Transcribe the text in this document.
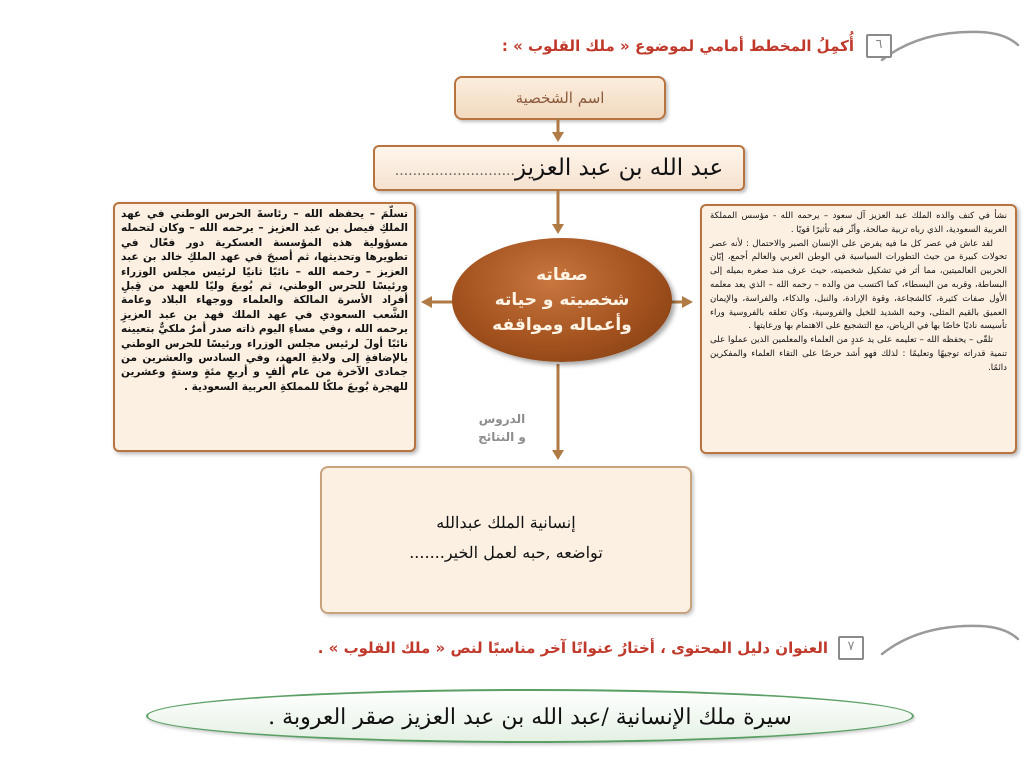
٦
أُكمِلُ المخطط أمامي لموضوع « ملك القلوب » :
اسم الشخصية
عبد الله بن عبد العزيز...........................
تسلّمَ – يحفظه الله – رئاسةَ الحرس الوطني في عهد الملكِ فيصل بن عبد العزيز – يرحمه الله – وكان لتحمله مسؤولية هذه المؤسسة العسكرية دور فعّال في تطويرها وتحديثها، ثم أصبحَ في عهد الملكِ خالد بن عبد العزيز – رحمه الله – نائبًا ثانيًا لرئيس مجلس الوزراء ورئيسًا للحرس الوطني، ثم بُويعَ وليًا للعهد من قِبلِ أفراد الأسرة المالكة والعلماء ووجهاء البلاد وعامة الشَّعب السعودي في عهد الملك فهد بن عبد العزيزِ يرحمه الله ، وفي مساءِ اليوم ذاته صدر أمرٌ ملكيٌّ بتعيينه نائبًا أولَ لرئيس مجلس الوزراء ورئيسًا للحرس الوطني بالإضافةِ إلى ولايةِ العهد، وفي السادس والعشرين من جمادى الآخرة من عام ألفٍ و أربعِ مئةٍ وستةٍ وعشرين للهجرة بُويعَ ملكًا للمملكةِ العربية السعودية .
صفاته
شخصيته و حياته
وأعماله ومواقفه
نشأ في كنف والده الملك عبد العزيز آل سعود – يرحمه الله - مؤسس المملكة العربية السعودية، الذي رباه تربية صالحة، وأثّر فيه تأثيرًا قويًا .
لقد عاش في عصر كل ما فيه يفرض على الإنسان الصبر والاحتمال : لأنه عصر تحولات كبيرة من حيث التطورات السياسية في الوطن العربي والعالم أجمع، إبّان الحربين العالميتين، مما أثر في تشكيل شخصيته، حيث عرف منذ صغره بميله إلى البساطة، وقربه من البسطاء، كما اكتسب من والده – رحمه الله – الذي يعد معلمه الأول صفات كثيرة، كالشجاعة، وقوة الإرادة، والنبل، والذكاء، والفراسة، والإيمان العميق بالقيم المثلى، وحبه الشديد للخيل والفروسية، وكان تعلقه بالفروسية وراء تأسيسه ناديًا خاصًا بها في الرياض، مع التشجيع على الاهتمام بها ورعايتها .
تلقّى – يحفظه الله – تعليمه على يد عددٍ من العلماء والمعلمين الذين عملوا على تنمية قدراته توجيهًا وتعليمًا : لذلك فهو أشد حرصًا على التقاء العلماء والمفكرين دائمًا.
الدروس
و النتائج
إنسانية الملك عبدالله
تواضعه ,حبه لعمل الخير.......
٧
العنوان دليل المحتوى ، أختارُ عنوانًا آخر مناسبًا لنص « ملك القلوب » .
سيرة ملك الإنسانية /عبد الله بن عبد العزيز صقر العروبة .
